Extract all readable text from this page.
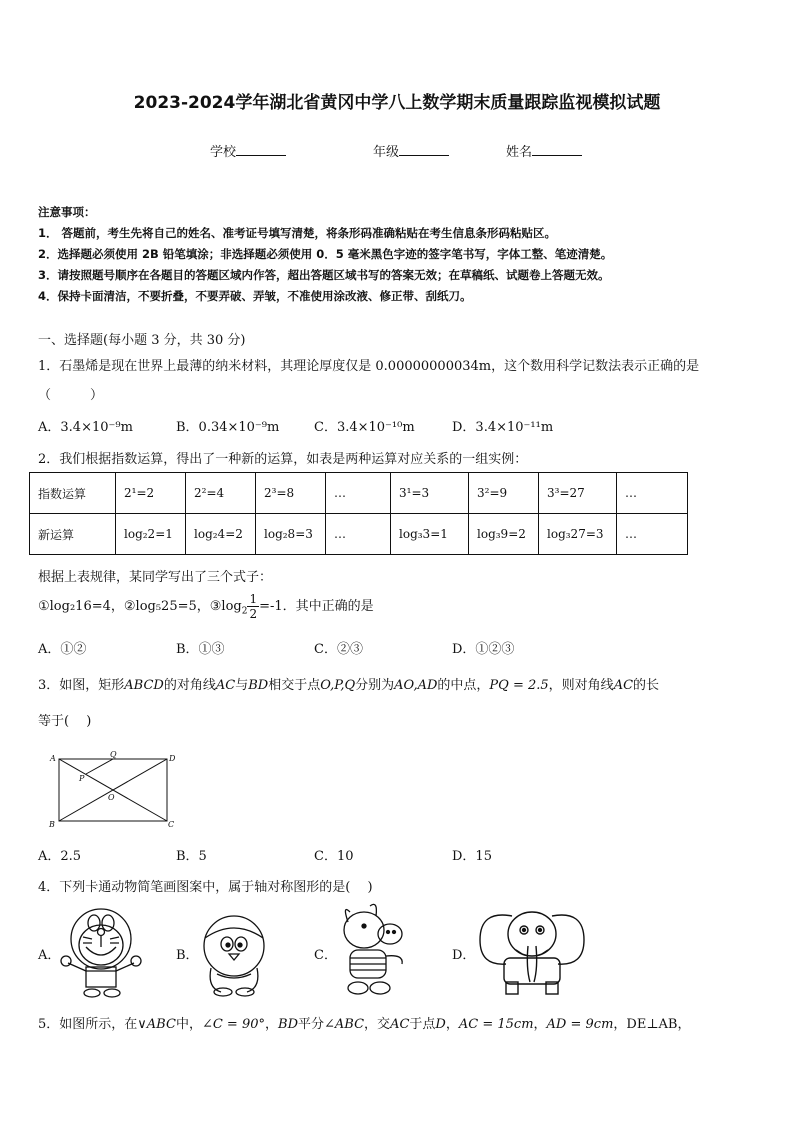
2023-2024学年湖北省黄冈中学八上数学期末质量跟踪监视模拟试题
学校	年级	姓名
注意事项：
1． 答题前，考生先将自己的姓名、准考证号填写清楚，将条形码准确粘贴在考生信息条形码粘贴区。
2．选择题必须使用 2B 铅笔填涂；非选择题必须使用 0．5 毫米黑色字迹的签字笔书写，字体工整、笔迹清楚。
3．请按照题号顺序在各题目的答题区域内作答，超出答题区域书写的答案无效；在草稿纸、试题卷上答题无效。
4．保持卡面清洁，不要折叠，不要弄破、弄皱，不准使用涂改液、修正带、刮纸刀。
一、选择题(每小题 3 分，共 30 分)
1．石墨烯是现在世界上最薄的纳米材料，其理论厚度仅是 0.00000000034m，这个数用科学记数法表示正确的是
（　　　）
A．3.4×10⁻⁹m	B．0.34×10⁻⁹m	C．3.4×10⁻¹⁰m	D．3.4×10⁻¹¹m
2．我们根据指数运算，得出了一种新的运算，如表是两种运算对应关系的一组实例：
指数运算	2¹=2	2²=4	2³=8	…	3¹=3	3²=9	3³=27	…
新运算	log₂2=1	log₂4=2	log₂8=3	…	log₃3=1	log₃9=2	log₃27=3	…
根据上表规律，某同学写出了三个式子：
①log₂16=4，②log₅25=5，$③\log_2 \frac{1}{2} =-1$．其中正确的是
A．①②	B．①③	C．②③	D．①②③
3．如图，矩形ABCD的对角线AC与BD相交于点O,P,Q分别为AO,AD的中点，PQ = 2.5，则对角线AC的长
等于(　 )
A	Q	D
P
O
B	C
A．2.5	B．5	C．10	D．15
4．下列卡通动物简笔画图案中，属于轴对称图形的是(　 )
A．	B．	C．	D．
5．如图所示，在∨ABC中，∠C = 90°，BD平分∠ABC，交AC于点D，AC = 15cm，AD = 9cm，DE⊥AB，
